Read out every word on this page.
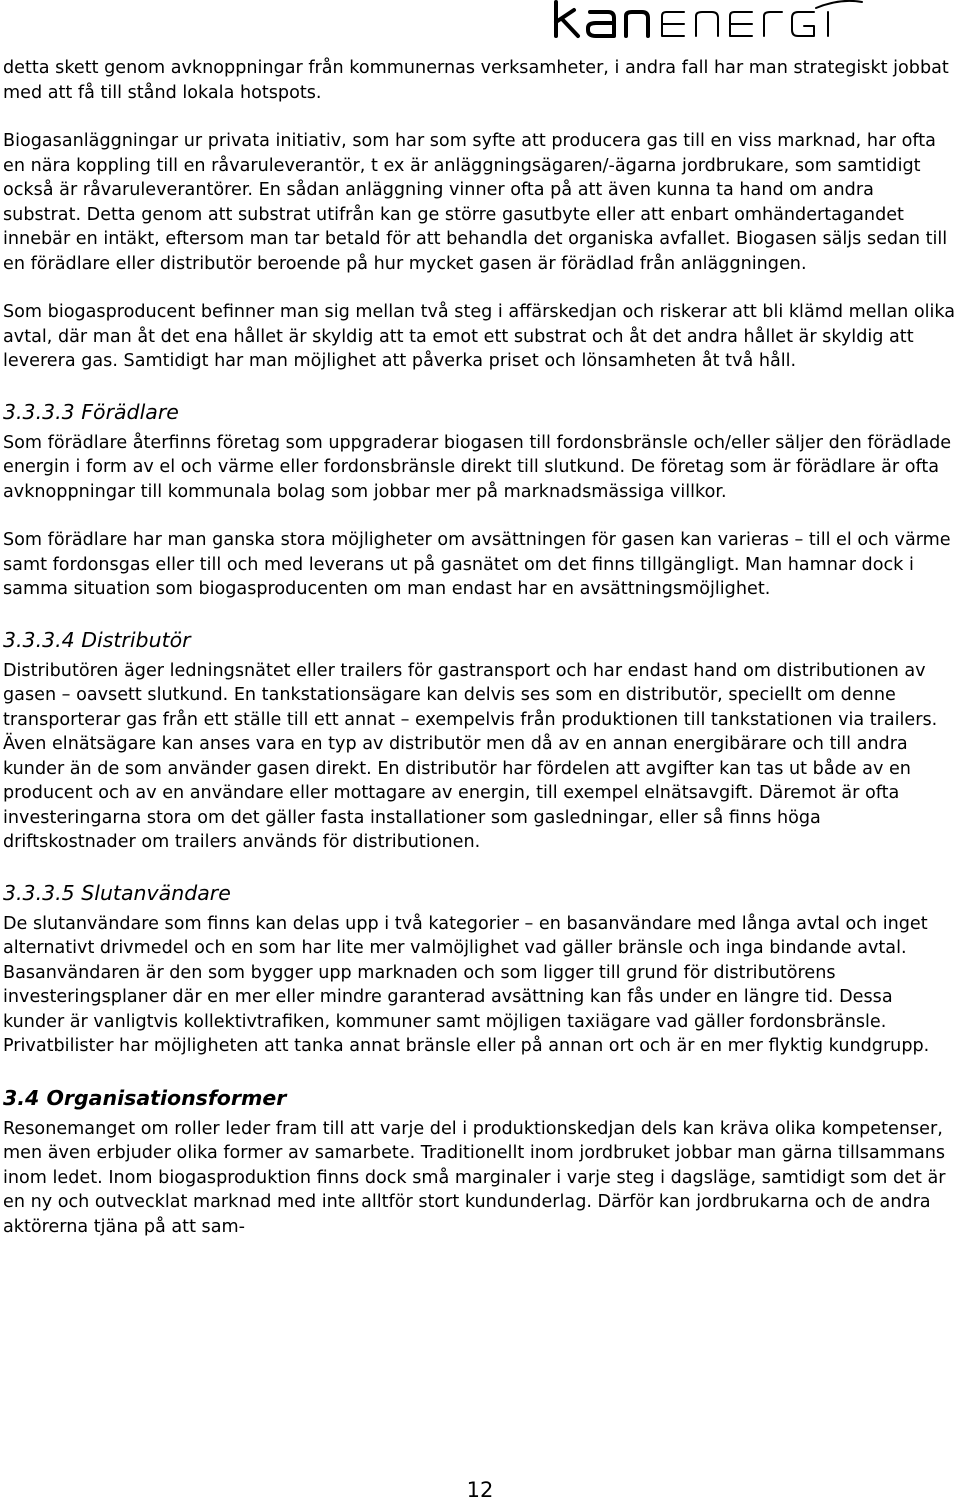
detta skett genom avknoppningar från kommunernas verksamheter, i andra fall har man strategiskt jobbat med att få till stånd lokala hotspots.

Biogasanläggningar ur privata initiativ, som har som syfte att producera gas till en viss marknad, har ofta en nära koppling till en råvaruleverantör, t ex är anläggningsägaren/-ägarna jordbrukare, som samtidigt också är råvaruleverantörer. En sådan anläggning vinner ofta på att även kunna ta hand om andra substrat. Detta genom att substrat utifrån kan ge större gasutbyte eller att enbart omhändertagandet innebär en intäkt, eftersom man tar betald för att behandla det organiska avfallet. Biogasen säljs sedan till en förädlare eller distributör beroende på hur mycket gasen är förädlad från anläggningen.

Som biogasproducent befinner man sig mellan två steg i affärskedjan och riskerar att bli klämd mellan olika avtal, där man åt det ena hållet är skyldig att ta emot ett substrat och åt det andra hållet är skyldig att leverera gas. Samtidigt har man möjlighet att påverka priset och lönsamheten åt två håll.

3.3.3.3 Förädlare

Som förädlare återfinns företag som uppgraderar biogasen till fordonsbränsle och/eller säljer den förädlade energin i form av el och värme eller fordonsbränsle direkt till slutkund. De företag som är förädlare är ofta avknoppningar till kommunala bolag som jobbar mer på marknadsmässiga villkor.

Som förädlare har man ganska stora möjligheter om avsättningen för gasen kan varieras – till el och värme samt fordonsgas eller till och med leverans ut på gasnätet om det finns tillgängligt. Man hamnar dock i samma situation som biogasproducenten om man endast har en avsättningsmöjlighet.

3.3.3.4 Distributör

Distributören äger ledningsnätet eller trailers för gastransport och har endast hand om distributionen av gasen – oavsett slutkund. En tankstationsägare kan delvis ses som en distributör, speciellt om denne transporterar gas från ett ställe till ett annat – exempelvis från produktionen till tankstationen via trailers. Även elnätsägare kan anses vara en typ av distributör men då av en annan energibärare och till andra kunder än de som använder gasen direkt. En distributör har fördelen att avgifter kan tas ut både av en producent och av en användare eller mottagare av energin, till exempel elnätsavgift. Däremot är ofta investeringarna stora om det gäller fasta installationer som gasledningar, eller så finns höga driftskostnader om trailers används för distributionen.

3.3.3.5 Slutanvändare

De slutanvändare som finns kan delas upp i två kategorier – en basanvändare med långa avtal och inget alternativt drivmedel och en som har lite mer valmöjlighet vad gäller bränsle och inga bindande avtal. Basanvändaren är den som bygger upp marknaden och som ligger till grund för distributörens investeringsplaner där en mer eller mindre garanterad avsättning kan fås under en längre tid. Dessa kunder är vanligtvis kollektivtrafiken, kommuner samt möjligen taxiägare vad gäller fordonsbränsle. Privatbilister har möjligheten att tanka annat bränsle eller på annan ort och är en mer flyktig kundgrupp.

3.4 Organisationsformer

Resonemanget om roller leder fram till att varje del i produktionskedjan dels kan kräva olika kompetenser, men även erbjuder olika former av samarbete. Traditionellt inom jordbruket jobbar man gärna tillsammans inom ledet. Inom biogasproduktion finns dock små marginaler i varje steg i dagsläge, samtidigt som det är en ny och outvecklat marknad med inte alltför stort kundunderlag. Därför kan jordbrukarna och de andra aktörerna tjäna på att sam-

12
